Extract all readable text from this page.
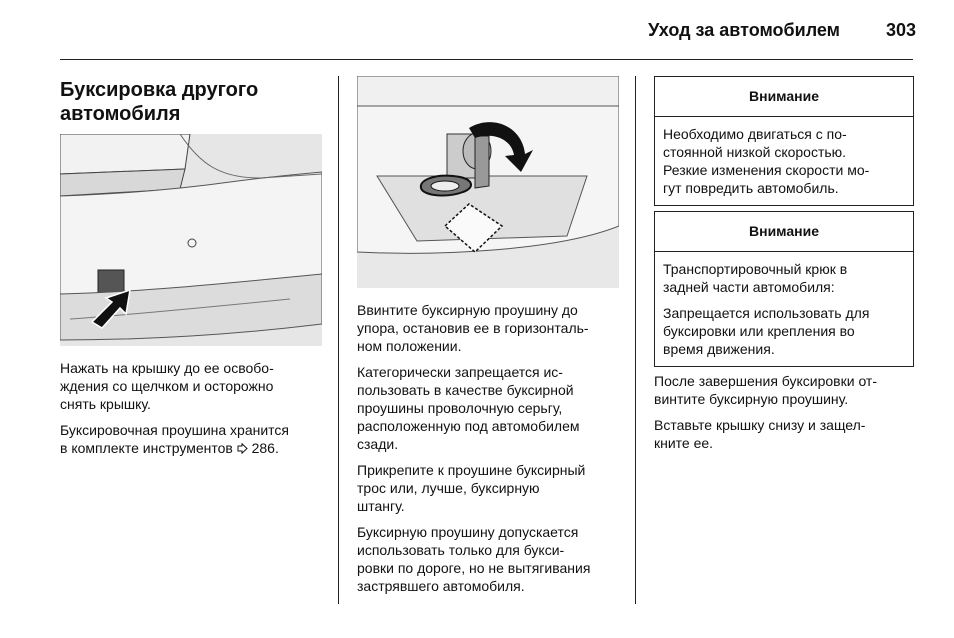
Уход за автомобилем	303
Буксировка другого
автомобиля

Нажать на крышку до ее освобо-
ждения со щелчком и осторожно
снять крышку.

Буксировочная проушина хранится
в комплекте инструментов 286.

Ввинтите буксирную проушину до
упора, остановив ее в горизонталь-
ном положении.

Категорически запрещается ис-
пользовать в качестве буксирной
проушины проволочную серьгу,
расположенную под автомобилем
сзади.

Прикрепите к проушине буксирный
трос или, лучше, буксирную
штангу.

Буксирную проушину допускается
использовать только для букси-
ровки по дороге, но не вытягивания
застрявшего автомобиля.

Внимание

Необходимо двигаться с по-
стоянной низкой скоростью.
Резкие изменения скорости мо-
гут повредить автомобиль.

Внимание

Транспортировочный крюк в
задней части автомобиля:

Запрещается использовать для
буксировки или крепления во
время движения.

После завершения буксировки от-
винтите буксирную проушину.

Вставьте крышку снизу и защел-
кните ее.
